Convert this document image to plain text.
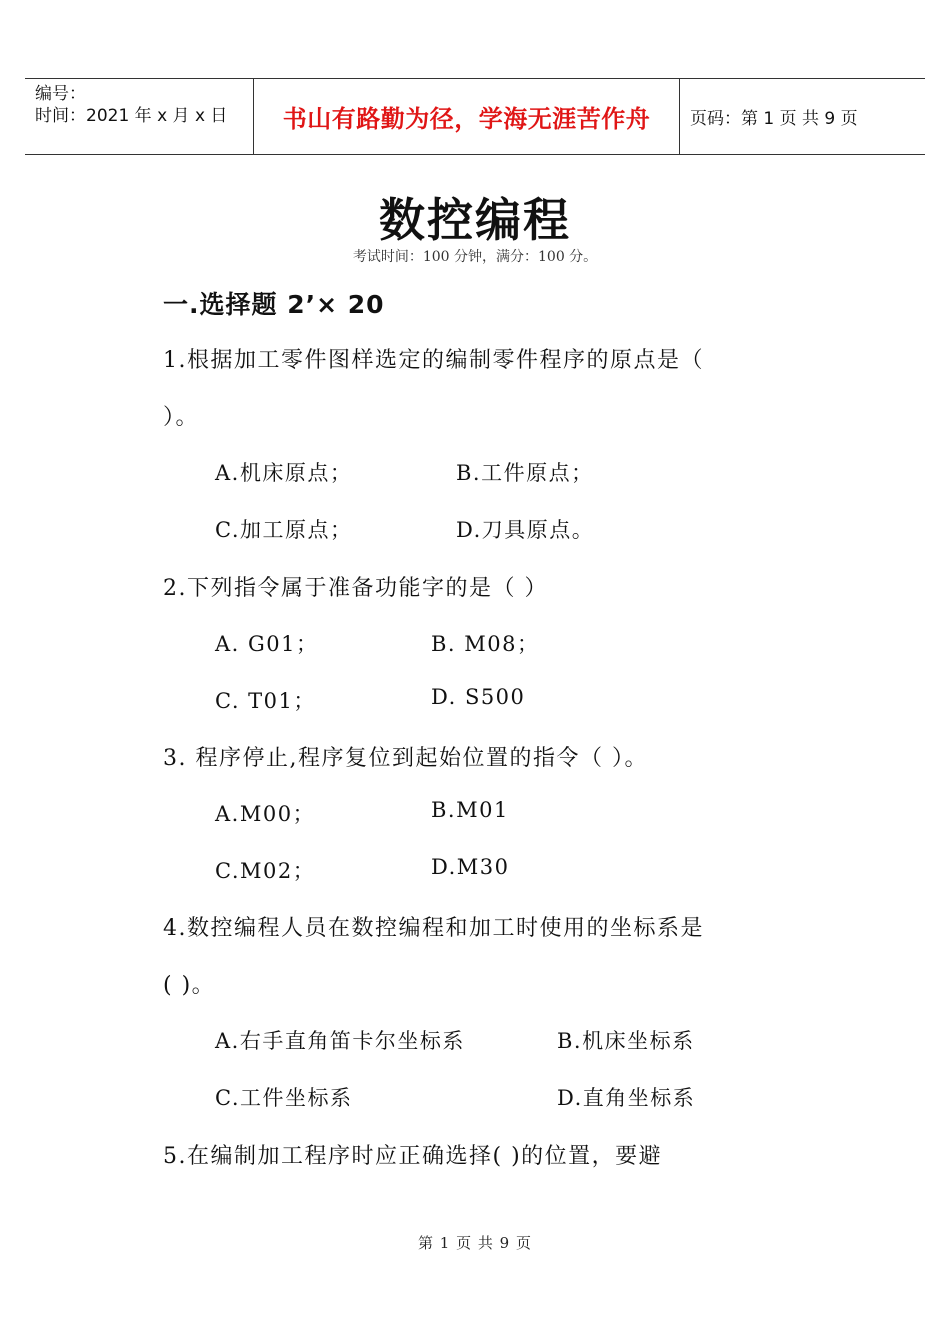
编号：
时间：2021 年 x 月 x 日	书山有路勤为径，学海无涯苦作舟	页码：第 1 页 共 9 页
数控编程
考试时间：100 分钟，满分：100 分。
一.选择题 2’× 20
1.根据加工零件图样选定的编制零件程序的原点是（
）。
A.机床原点；	B.工件原点；
C.加工原点；	D.刀具原点。
2.下列指令属于准备功能字的是（ ）
A. G01；	B. M08；
C. T01；	D. S500
3. 程序停止,程序复位到起始位置的指令（ ）。
A.M00；	B.M01
C.M02；	D.M30
4.数控编程人员在数控编程和加工时使用的坐标系是
( )。
A.右手直角笛卡尔坐标系	B.机床坐标系
C.工件坐标系	D.直角坐标系
5.在编制加工程序时应正确选择( )的位置，要避
第 1 页 共 9 页
